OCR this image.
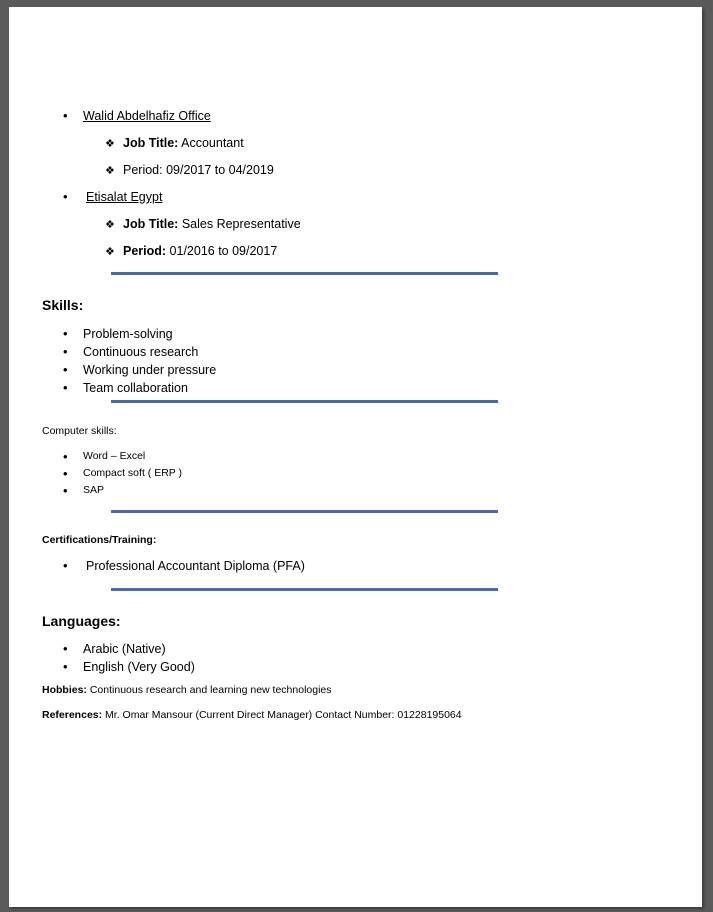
•
Walid Abdelhafiz Office
❖ Job Title: Accountant
❖ Period: 09/2017 to 04/2019
•
Etisalat Egypt
❖ Job Title: Sales Representative
❖ Period: 01/2016 to 09/2017
Skills:
•
Problem-solving
•
Continuous research
•
Working under pressure
•
Team collaboration
Computer skills:
•
Word – Excel
•
Compact soft ( ERP )
•
SAP
Certifications/Training:
•
Professional Accountant Diploma (PFA)
Languages:
•
Arabic (Native)
•
English (Very Good)
Hobbies: Continuous research and learning new technologies
References: Mr. Omar Mansour (Current Direct Manager) Contact Number: 01228195064
